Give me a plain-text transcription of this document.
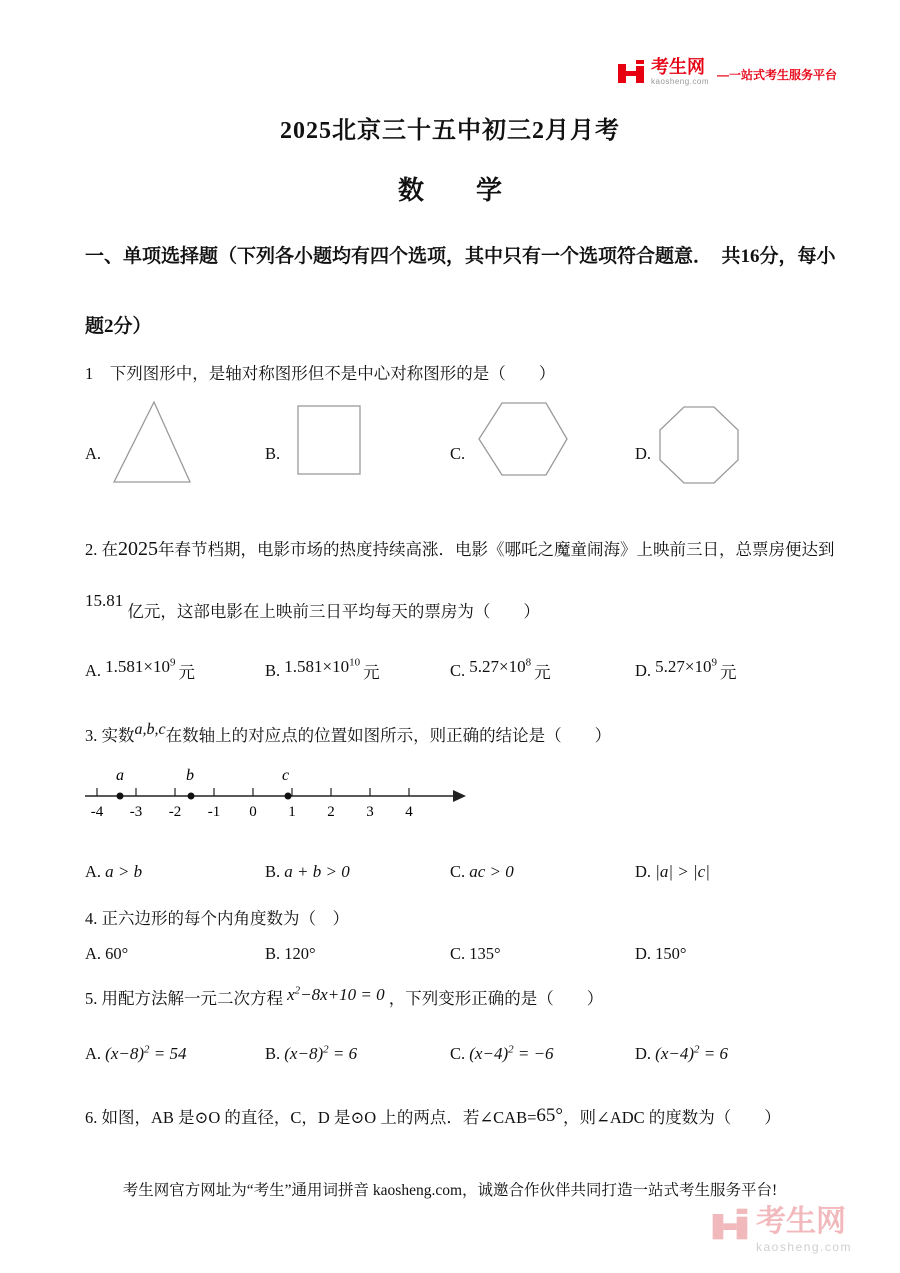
考生网
kaosheng.com —一站式考生服务平台
2025北京三十五中初三2月月考
数　　学
一、单项选择题（下列各小题均有四个选项，其中只有一个选项符合题意．　共16分，每小
题2分）
1　下列图形中，是轴对称图形但不是中心对称图形的是（　　）
A.	B.	C.	D.
2. 在2025年春节档期，电影市场的热度持续高涨．电影《哪吒之魔童闹海》上映前三日，总票房便达到
15.81 亿元，这部电影在上映前三日平均每天的票房为（　　）
A. $1.581\times 10^9$元	B. $1.581\times 10^{10}$元	C. $5.27\times 10^8$元	D. $5.27\times 10^9$元
3. 实数a,b,c在数轴上的对应点的位置如图所示，则正确的结论是（　　）
a	b	c
-4 -3 -2 -1 0 1 2 3 4
A. a > b	B. a + b > 0	C. ac > 0	D. |a| > |c|
4. 正六边形的每个内角度数为（　）
A. 60°	B. 120°	C. 135°	D. 150°
5. 用配方法解一元二次方程 $x^2-8x+10 = 0$ ，下列变形正确的是（　　）
A. $(x-8)^2 = 54$	B. $(x-8)^2 = 6$	C. $(x-4)^2 = -6$	D. $(x-4)^2 = 6$
6. 如图，AB 是⊙O 的直径，C，D 是⊙O 上的两点．若∠CAB=65°，则∠ADC 的度数为（　　）
考生网官方网址为“考生”通用词拼音 kaosheng.com，诚邀合作伙伴共同打造一站式考生服务平台!
考生网
kaosheng.com
